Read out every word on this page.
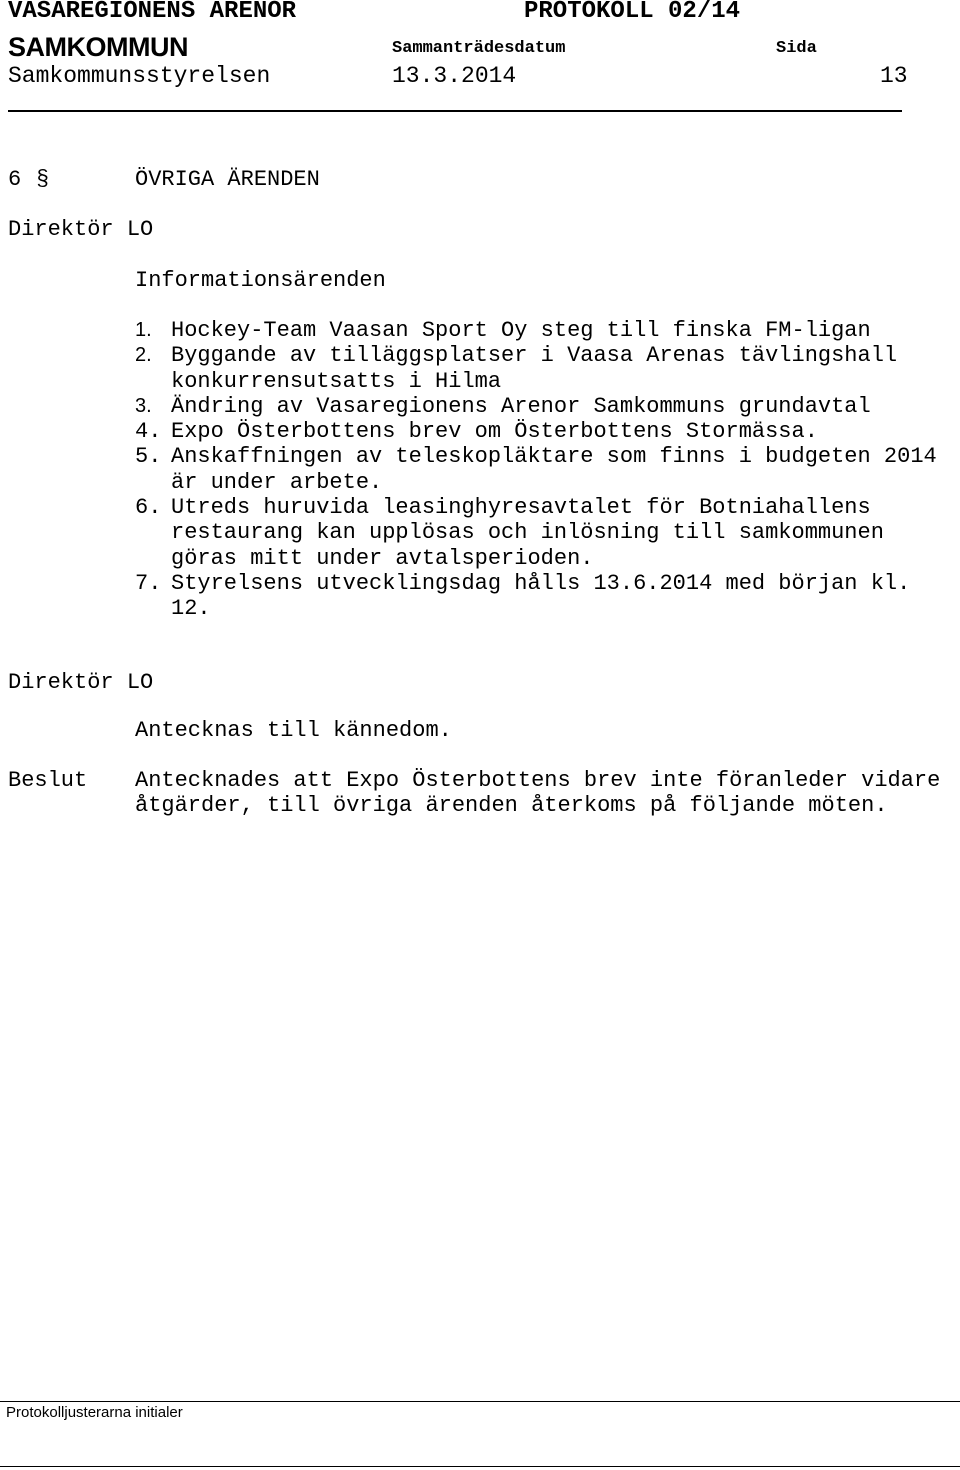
VASAREGIONENS ARENOR	PROTOKOLL 02/14
SAMKOMMUN	Sammanträdesdatum	Sida
Samkommunsstyrelsen	13.3.2014	13
6 §	ÖVRIGA ÄRENDEN
Direktör LO
Informationsärenden
1. Hockey-Team Vaasan Sport Oy steg till finska FM-ligan
2. Byggande av tilläggsplatser i Vaasa Arenas tävlingshall konkurrensutsatts i Hilma
3. Ändring av Vasaregionens Arenor Samkommuns grundavtal
4. Expo Österbottens brev om Österbottens Stormässa.
5. Anskaffningen av teleskopläktare som finns i budgeten 2014 är under arbete.
6. Utreds huruvida leasinghyresavtalet för Botniahallens restaurang kan upplösas och inlösning till samkommunen göras mitt under avtalsperioden.
7. Styrelsens utvecklingsdag hålls 13.6.2014 med början kl. 12.
Direktör LO
Antecknas till kännedom.
Beslut Antecknades att Expo Österbottens brev inte föranleder vidare åtgärder, till övriga ärenden återkoms på följande möten.
Protokolljusterarna initialer
